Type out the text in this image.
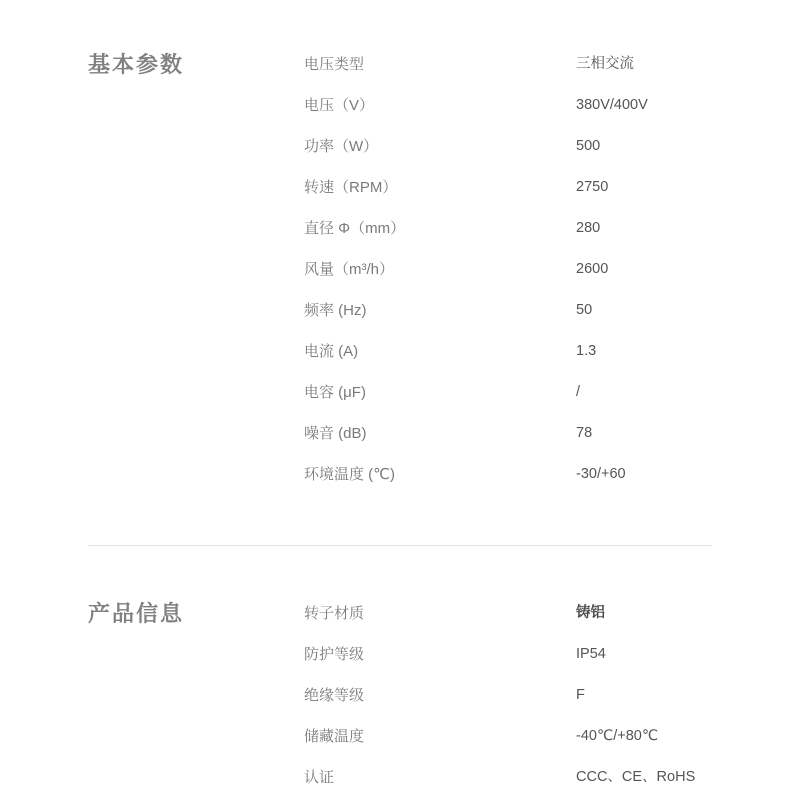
基本参数	电压类型	三相交流
电压（V）	380V/400V
功率（W）	500
转速（RPM）	2750
直径 Φ（mm）	280
风量（m³/h）	2600
频率 (Hz)	50
电流 (A)	1.3
电容 (μF)	/
噪音 (dB)	78
环境温度 (℃)	-30/+60
产品信息	转子材质	铸铝
防护等级	IP54
绝缘等级	F
储藏温度	-40℃/+80℃
认证	CCC、CE、RoHS
